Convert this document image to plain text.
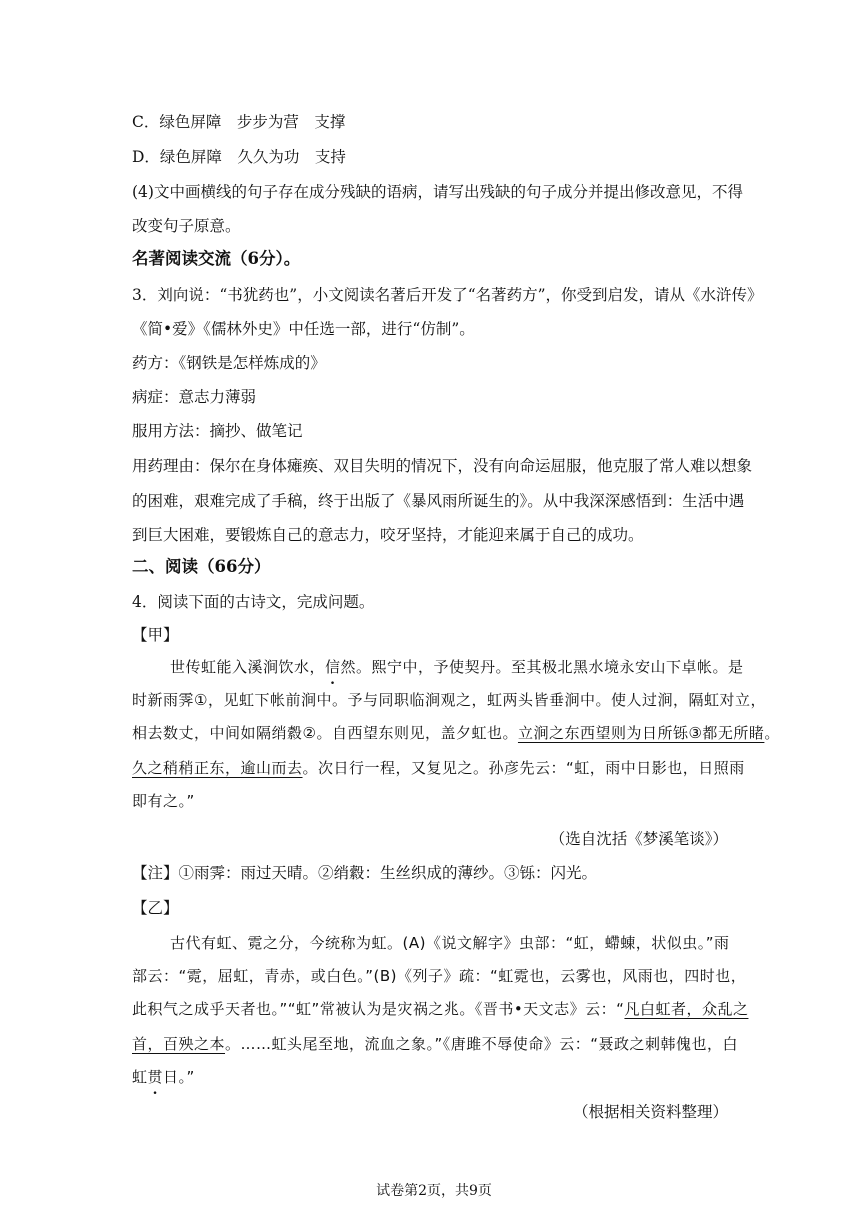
C．绿色屏障　步步为营　支撑
D．绿色屏障　久久为功　支持
(4)文中画横线的句子存在成分残缺的语病，请写出残缺的句子成分并提出修改意见，不得
改变句子原意。
名著阅读交流（6分）。
3．刘向说：“书犹药也”，小文阅读名著后开发了“名著药方”，你受到启发，请从《水浒传》
《简•爱》《儒林外史》中任选一部，进行“仿制”。
药方：《钢铁是怎样炼成的》
病症：意志力薄弱
服用方法：摘抄、做笔记
用药理由：保尔在身体瘫痪、双目失明的情况下，没有向命运屈服，他克服了常人难以想象
的困难，艰难完成了手稿，终于出版了《暴风雨所诞生的》。从中我深深感悟到：生活中遇
到巨大困难，要锻炼自己的意志力，咬牙坚持，才能迎来属于自己的成功。
二、阅读（66分）
4．阅读下面的古诗文，完成问题。
【甲】
世传虹能入溪涧饮水，信然。熙宁中，予使契丹。至其极北黑水境永安山下卓帐。是
时新雨霁①，见虹下帐前涧中。予与同职临涧观之，虹两头皆垂涧中。使人过涧，隔虹对立，
相去数丈，中间如隔绡縠②。自西望东则见，盖夕虹也。立涧之东西望则为日所铄③都无所睹。
久之稍稍正东，逾山而去。次日行一程，又复见之。孙彦先云：“虹，雨中日影也，日照雨
即有之。”
（选自沈括《梦溪笔谈》）
【注】①雨霁：雨过天晴。②绡縠：生丝织成的薄纱。③铄：闪光。
【乙】
古代有虹、霓之分，今统称为虹。(A)《说文解字》虫部：“虹，螮蝀，状似虫。”雨
部云：“霓，屈虹，青赤，或白色。”(B)《列子》疏：“虹霓也，云雾也，风雨也，四时也，
此积气之成乎天者也。”“虹”常被认为是灾祸之兆。《晋书•天文志》云：“凡白虹者，众乱之
首，百殃之本。……虹头尾至地，流血之象。”《唐雎不辱使命》云：“聂政之刺韩傀也，白
虹贯日。”
（根据相关资料整理）
试卷第2页，共9页
